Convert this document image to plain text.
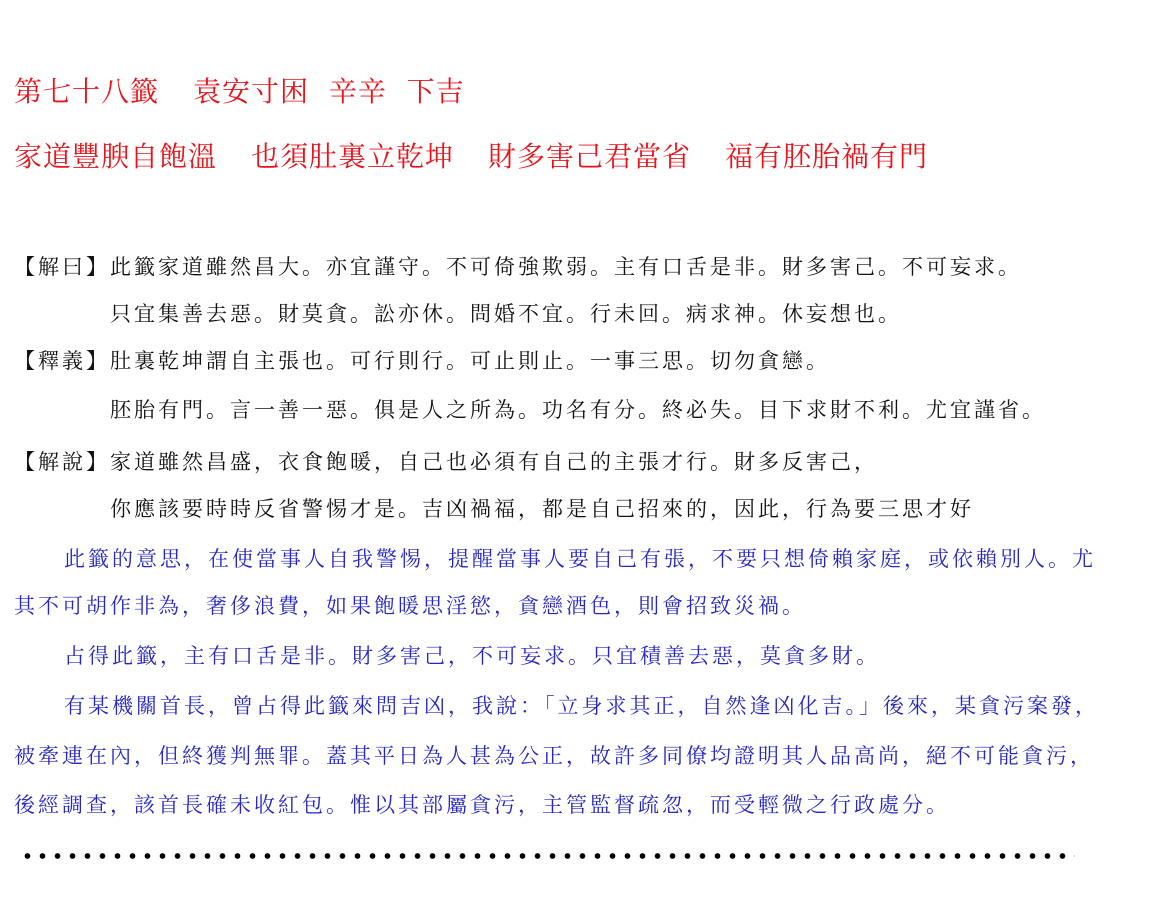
第七十八籤 袁安寸困 辛辛 下吉
家道豐腴自飽溫 也須肚裏立乾坤 財多害己君當省 福有胚胎禍有門
【解曰】此籤家道雖然昌大。亦宜謹守。不可倚強欺弱。主有口舌是非。財多害己。不可妄求。
只宜集善去惡。財莫貪。訟亦休。問婚不宜。行未回。病求神。休妄想也。
【釋義】肚裏乾坤謂自主張也。可行則行。可止則止。一事三思。切勿貪戀。
胚胎有門。言一善一惡。俱是人之所為。功名有分。終必失。目下求財不利。尤宜謹省。
【解說】家道雖然昌盛，衣食飽暖，自己也必須有自己的主張才行。財多反害己，
你應該要時時反省警惕才是。吉凶禍福，都是自己招來的，因此，行為要三思才好
此籤的意思，在使當事人自我警惕，提醒當事人要自己有張，不要只想倚賴家庭，或依賴別人。尤
其不可胡作非為，奢侈浪費，如果飽暖思淫慾，貪戀酒色，則會招致災禍。
占得此籤，主有口舌是非。財多害己，不可妄求。只宜積善去惡，莫貪多財。
有某機關首長，曾占得此籤來問吉凶，我說：「立身求其正，自然逢凶化吉。」後來，某貪污案發，
被牽連在內，但終獲判無罪。蓋其平日為人甚為公正，故許多同僚均證明其人品高尚，絕不可能貪污，
後經調查，該首長確未收紅包。惟以其部屬貪污，主管監督疏忽，而受輕微之行政處分。
